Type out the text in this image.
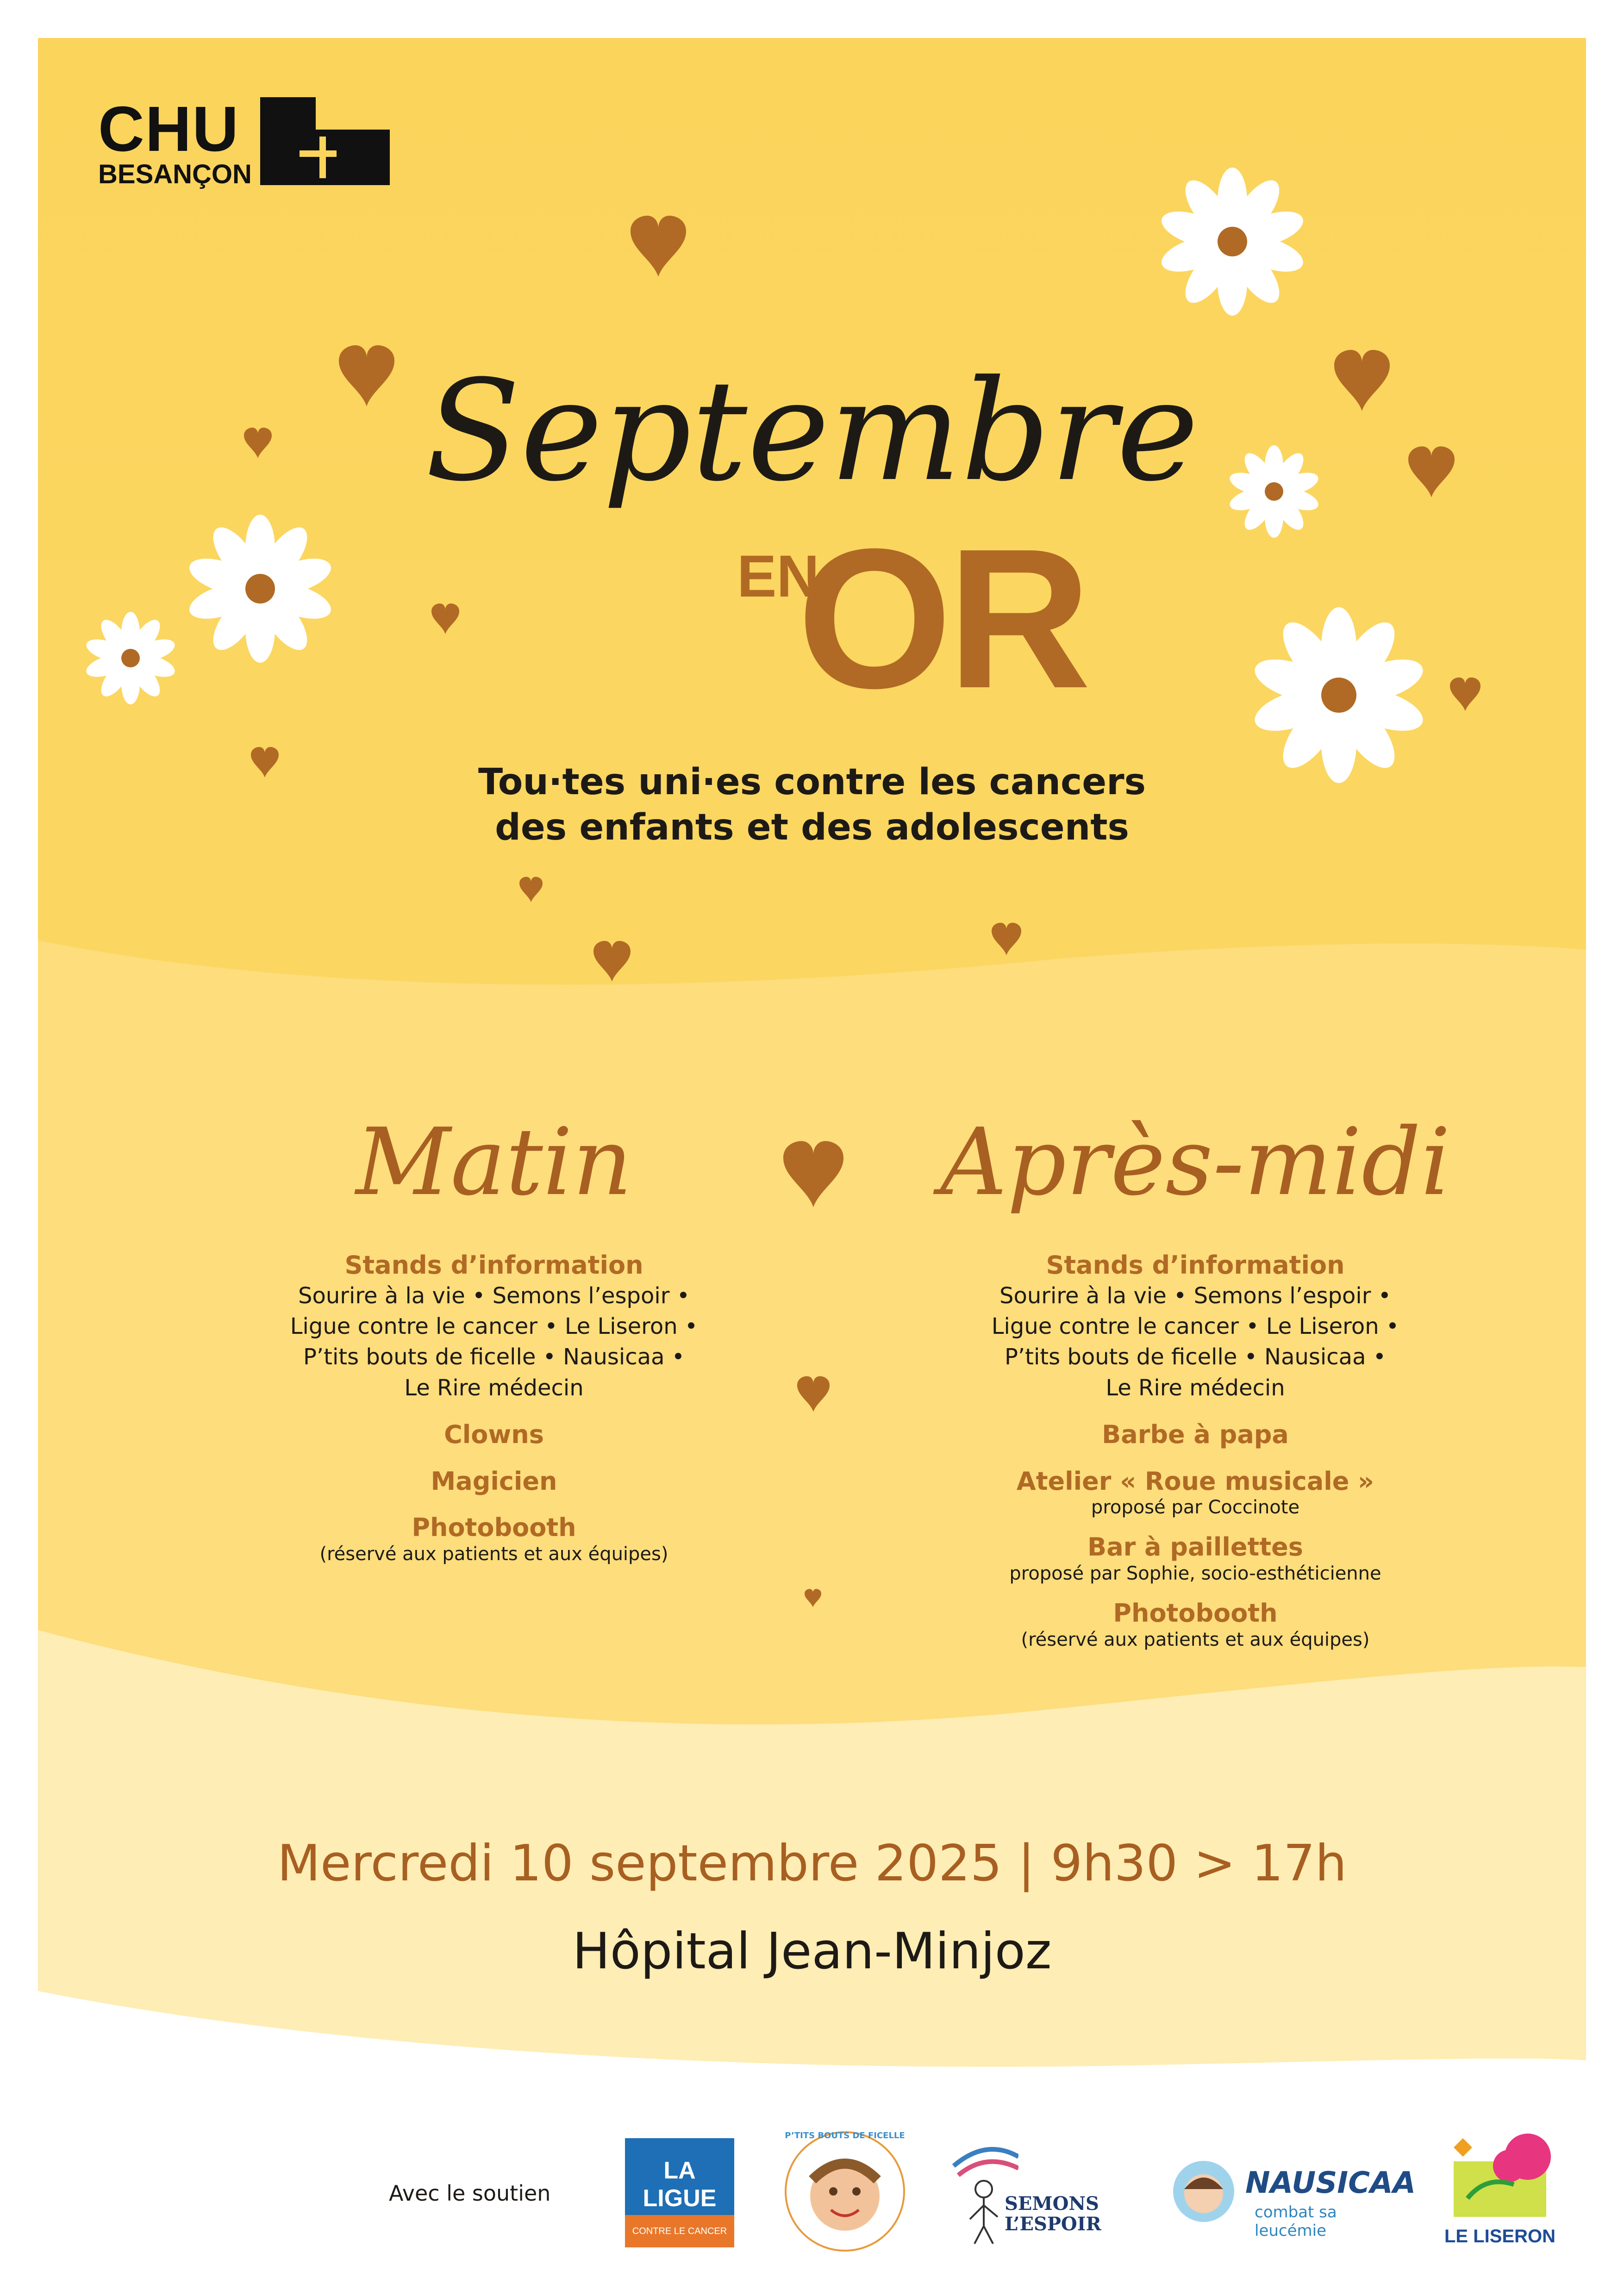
CHU
BESANÇON
Septembre
EN
OR
Tou·tes uni·es contre les cancers
des enfants et des adolescents
Matin
Stands d’information
Sourire à la vie • Semons l’espoir •
Ligue contre le cancer • Le Liseron •
P’tits bouts de ficelle • Nausicaa •
Le Rire médecin
Clowns
Magicien
Photobooth
(réservé aux patients et aux équipes)
Après-midi
Stands d’information
Sourire à la vie • Semons l’espoir •
Ligue contre le cancer • Le Liseron •
P’tits bouts de ficelle • Nausicaa •
Le Rire médecin
Barbe à papa
Atelier « Roue musicale »
proposé par Coccinote
Bar à paillettes
proposé par Sophie, socio-esthéticienne
Photobooth
(réservé aux patients et aux équipes)
Mercredi 10 septembre 2025 | 9h30 > 17h
Hôpital Jean-Minjoz
Avec le soutien
LA LIGUE
CONTRE LE CANCER
P’TITS BOUTS DE FICELLE
SEMONS
L’ESPOIR
NAUSICAA
combat sa leucémie	LE LISERON
